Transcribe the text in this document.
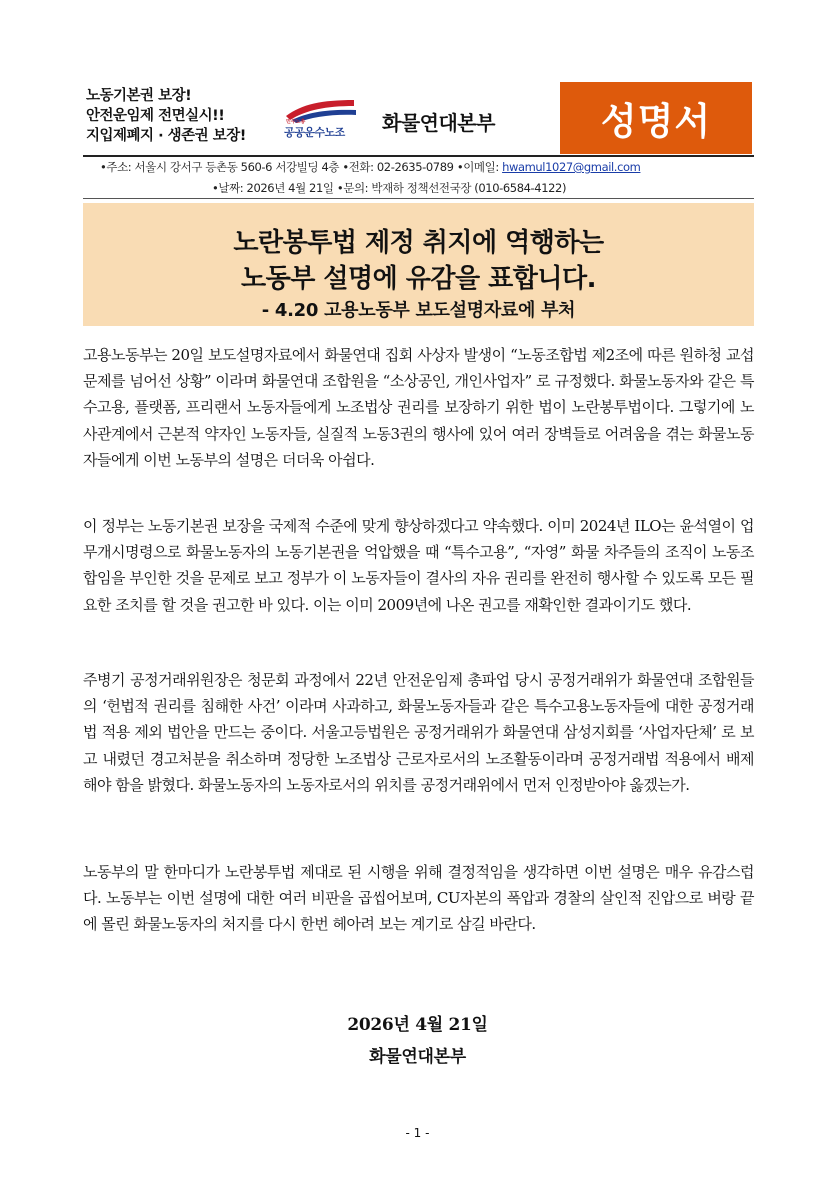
노동기본권 보장!
안전운임제 전면실시!!
지입제폐지 · 생존권 보장!
민주노총
공공운수노조 화물연대본부	성명서
•주소: 서울시 강서구 등촌동 560-6 서강빌딩 4층 •전화: 02-2635-0789 •이메일: hwamul1027@gmail.com
•날짜: 2026년 4월 21일 •문의: 박재하 정책선전국장 (010-6584-4122)
노란봉투법 제정 취지에 역행하는
노동부 설명에 유감을 표합니다.
- 4.20 고용노동부 보도설명자료에 부처
고용노동부는 20일 보도설명자료에서 화물연대 집회 사상자 발생이 “노동조합법 제2조에 따른 원하청 교섭문제를 넘어선 상황” 이라며 화물연대 조합원을 “소상공인, 개인사업자” 로 규정했다. 화물노동자와 같은 특수고용, 플랫폼, 프리랜서 노동자들에게 노조법상 권리를 보장하기 위한 법이 노란봉투법이다. 그렇기에 노사관계에서 근본적 약자인 노동자들, 실질적 노동3권의 행사에 있어 여러 장벽들로 어려움을 겪는 화물노동자들에게 이번 노동부의 설명은 더더욱 아쉽다.
이 정부는 노동기본권 보장을 국제적 수준에 맞게 향상하겠다고 약속했다. 이미 2024년 ILO는 윤석열이 업무개시명령으로 화물노동자의 노동기본권을 억압했을 때 “특수고용”, “자영” 화물 차주들의 조직이 노동조합임을 부인한 것을 문제로 보고 정부가 이 노동자들이 결사의 자유 권리를 완전히 행사할 수 있도록 모든 필요한 조치를 할 것을 권고한 바 있다. 이는 이미 2009년에 나온 권고를 재확인한 결과이기도 했다.
주병기 공정거래위원장은 청문회 과정에서 22년 안전운임제 총파업 당시 공정거래위가 화물연대 조합원들의 ‘헌법적 권리를 침해한 사건’ 이라며 사과하고, 화물노동자들과 같은 특수고용노동자들에 대한 공정거래법 적용 제외 법안을 만드는 중이다. 서울고등법원은 공정거래위가 화물연대 삼성지회를 ‘사업자단체’ 로 보고 내렸던 경고처분을 취소하며 정당한 노조법상 근로자로서의 노조활동이라며 공정거래법 적용에서 배제해야 함을 밝혔다. 화물노동자의 노동자로서의 위치를 공정거래위에서 먼저 인정받아야 옳겠는가.
노동부의 말 한마디가 노란봉투법 제대로 된 시행을 위해 결정적임을 생각하면 이번 설명은 매우 유감스럽다. 노동부는 이번 설명에 대한 여러 비판을 곱씹어보며, CU자본의 폭압과 경찰의 살인적 진압으로 벼랑 끝에 몰린 화물노동자의 처지를 다시 한번 헤아려 보는 계기로 삼길 바란다.
2026년 4월 21일
화물연대본부
- 1 -
